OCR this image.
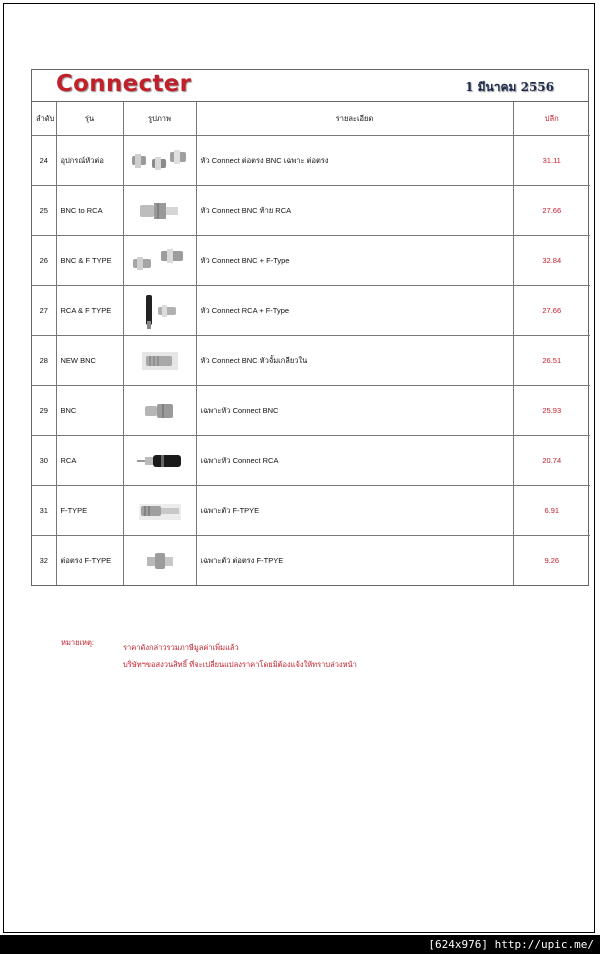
Connecter	1 มีนาคม 2556
ลำดับ	รุ่น	รูปภาพ	รายละเอียด	ปลีก
24	อุปกรณ์หัวต่อ		หัว Connect ต่อตรง BNC เฉพาะ ต่อตรง	31.11
25	BNC to RCA		หัว Connect BNC ท้าย RCA	27.66
26	BNC & F TYPE		หัว Connect BNC + F-Type	32.84
27	RCA & F TYPE		หัว Connect RCA + F-Type	27.66
28	NEW BNC		หัว Connect BNC หัวจั้มเกลียวใน	26.51
29	BNC		เฉพาะหัว Connect BNC	25.93
30	RCA		เฉพาะหัว Connect RCA	20.74
31	F-TYPE		เฉพาะตัว F-TPYE	6.91
32	ต่อตรง F-TYPE		เฉพาะตัว ต่อตรง F-TPYE	9.26
หมายเหตุ:
ราคาดังกล่าวรวมภาษีมูลค่าเพิ่มแล้ว
บริษัทฯขอสงวนสิทธิ์ ที่จะเปลี่ยนแปลงราคาโดยมิต้องแจ้งให้ทราบล่วงหน้า
[624x976] http://upic.me/
